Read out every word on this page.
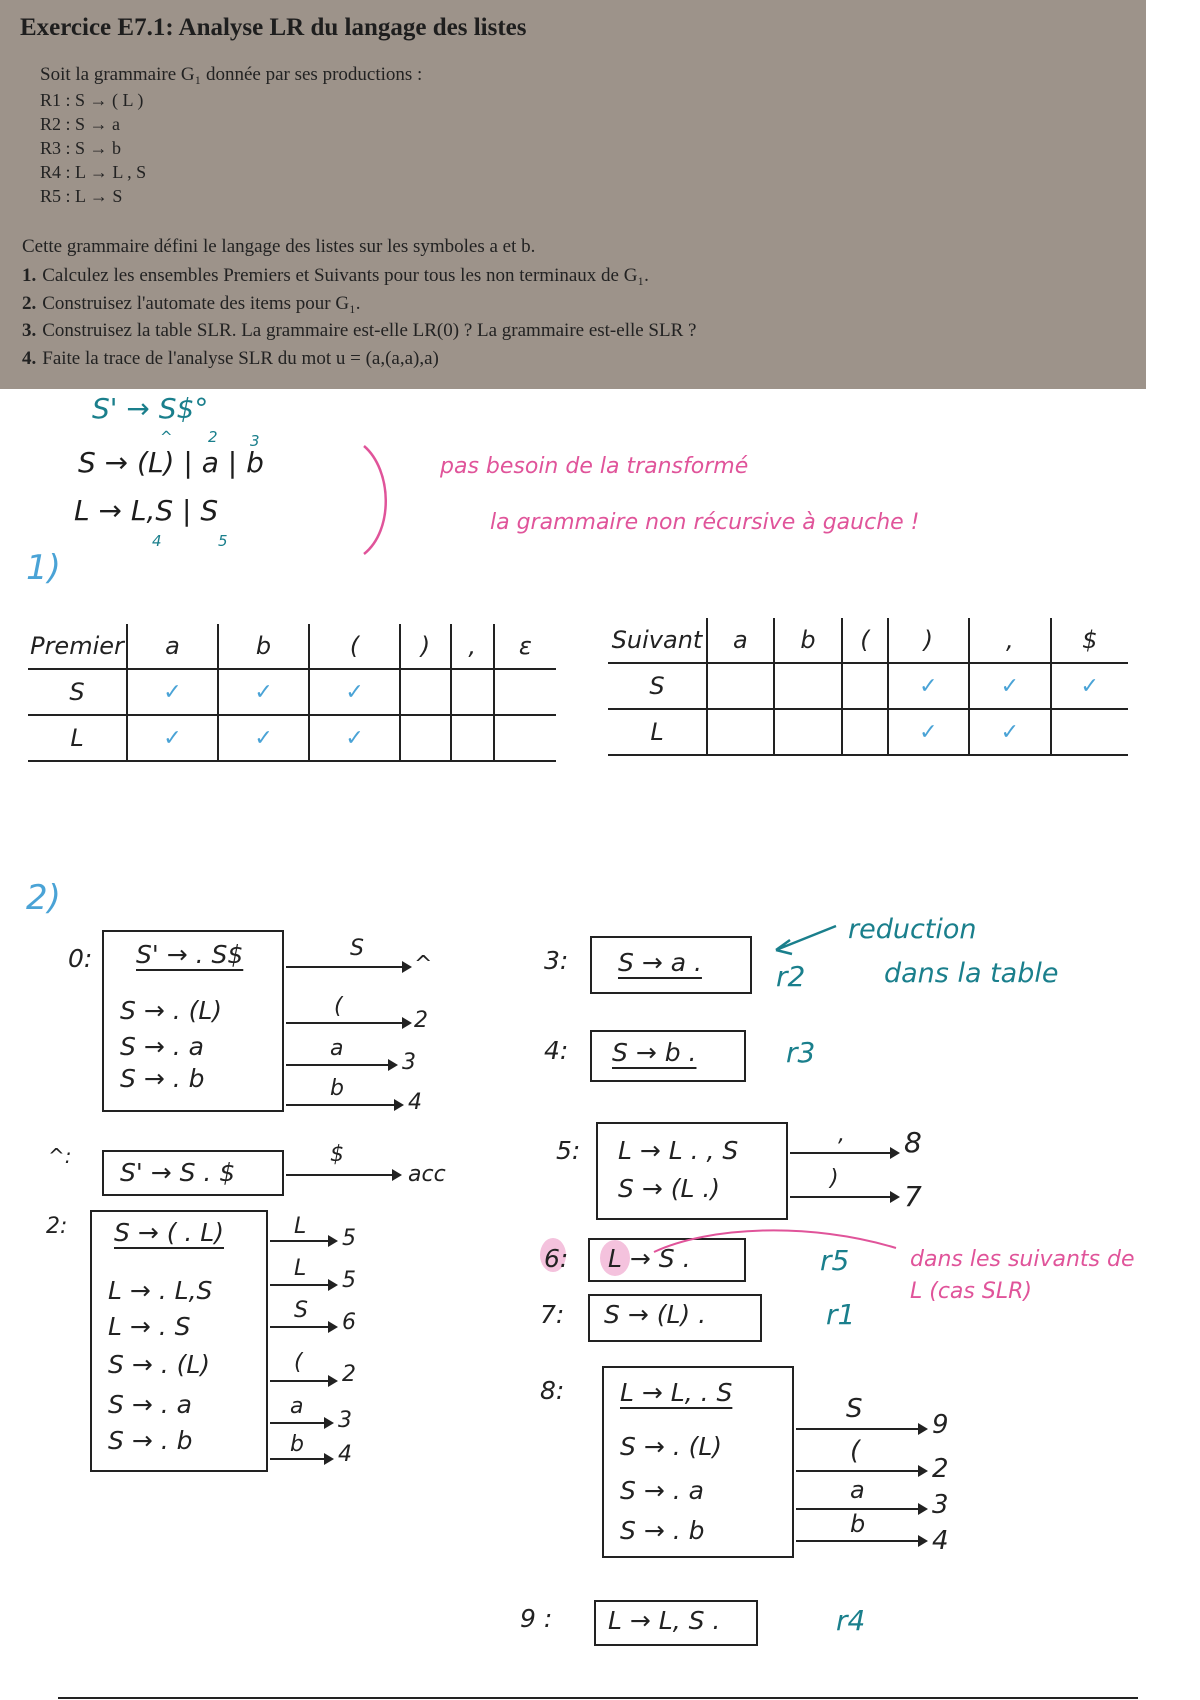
Exercice E7.1: Analyse LR du langage des listes
Soit la grammaire G₁ donnée par ses productions :
R1 : S → ( L )
R2 : S → a
R3 : S → b
R4 : L → L , S
R5 : L → S
Cette grammaire défini le langage des listes sur les symboles a et b.
1. Calculez les ensembles Premiers et Suivants pour tous les non terminaux de G₁.
2. Construisez l'automate des items pour G₁.
3. Construisez la table SLR. La grammaire est-elle LR(0) ? La grammaire est-elle SLR ?
4. Faite la trace de l'analyse SLR du mot u = (a,(a,a),a)
S' → S$°
S → (L) | a | b
^ 2 3
L → L,S | S
4	5
pas besoin de la transformé
la grammaire non récursive à gauche !
1)
Premier	a	b	(	)	,	ε
S	✓	✓	✓			
L	✓	✓	✓			
Suivant	a	b	(	)	,	$
S				✓	✓	✓
L				✓	✓	
2)
0: S' → . S$
S → . (L)
S → . a
S → . b
S
^
(
2
a
3
b
4
^:
S' → S . $
$
acc
2: S → ( . L)
L → . L,S
L → . S
S → . (L)
S → . a
S → . b
L 5
L 5
S 6
( 2
a
3
b 4
3: S → a .	r2
reduction
dans la table
4: S → b .	r3
5: L → L . , S
S → (L .)
, 8
)
7
6: L → S .	r5	dans les suivants de L (cas SLR)
7: S → (L) .	r1
8: L → L, . S
S → . (L)
S → . a
S → . b
S
9
(
2
a	3
b
4
9 : L → L, S .	r4
